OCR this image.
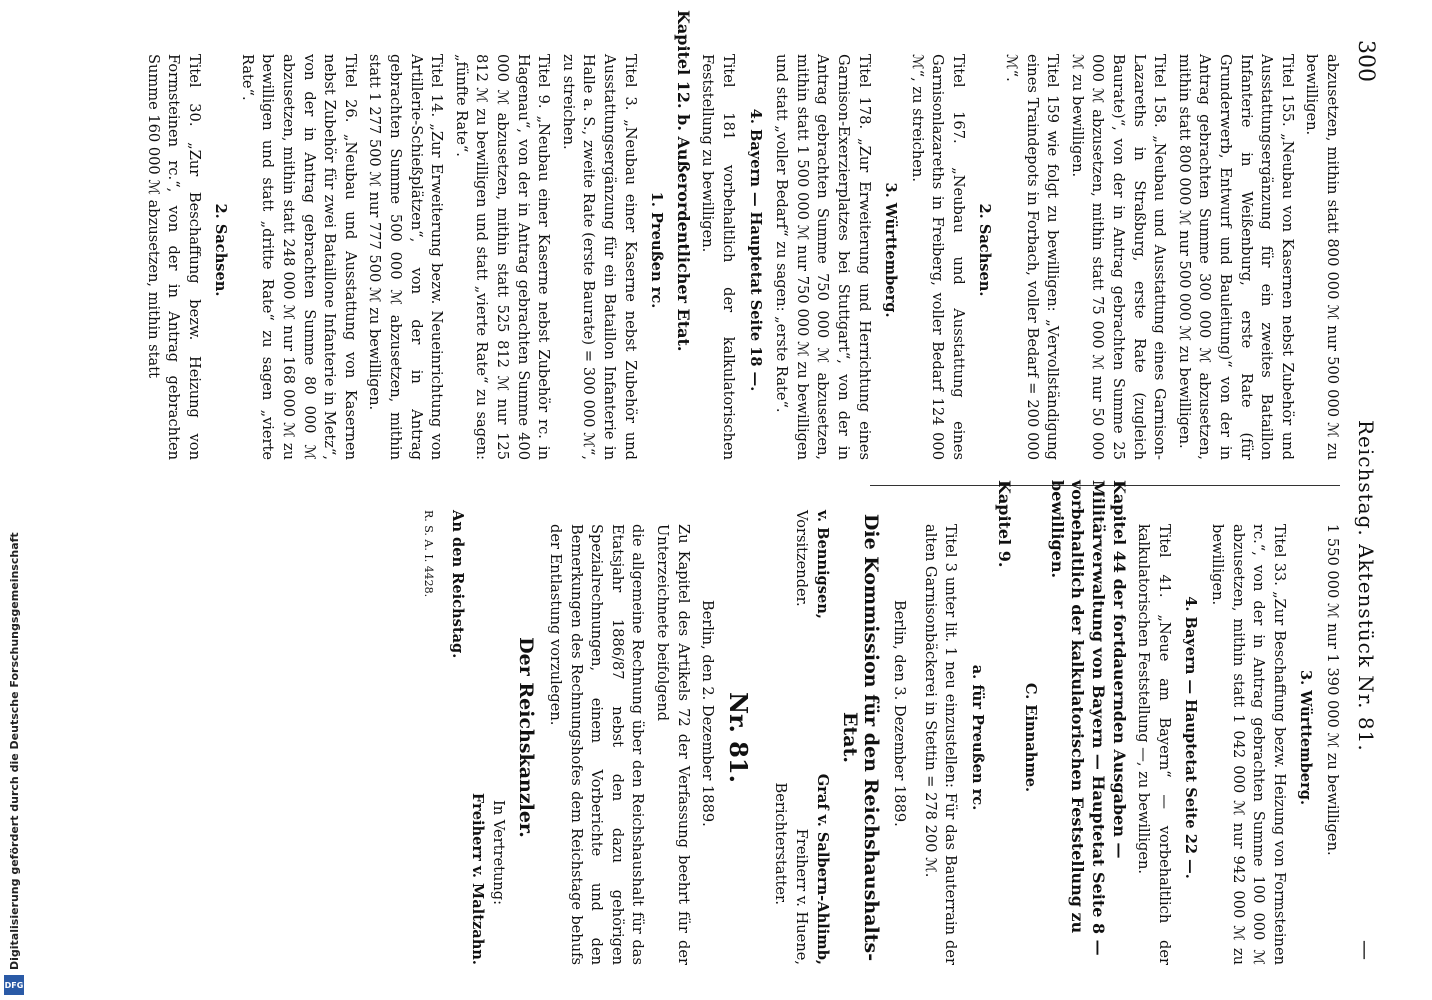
300
Reichstag. Aktenstück Nr. 81.
—
abzusetzen, mithin statt 800 000 ℳ nur 500 000 ℳ zu bewilligen.
Titel 155. „Neubau von Kasernen nebst Zubehör und Ausstattungsergänzung für ein zweites Bataillon Infanterie in Weißenburg, erste Rate (für Grunderwerb, Entwurf und Bauleitung)“ von der in Antrag gebrachten Summe 300 000 ℳ abzusetzen, mithin statt 800 000 ℳ nur 500 000 ℳ zu bewilligen.
Titel 158. „Neubau und Ausstattung eines Garnison-Lazareths in Straßburg, erste Rate (zugleich Baurate)“, von der in Antrag gebrachten Summe 25 000 ℳ abzusetzen, mithin statt 75 000 ℳ nur 50 000 ℳ zu bewilligen.
Titel 159 wie folgt zu bewilligen: „Vervollständigung eines Traindepots in Forbach, voller Bedarf = 200 000 ℳ“.
2. Sachsen.
Titel 167. „Neubau und Ausstattung eines Garnisonlazareths in Freiberg, voller Bedarf 124 000 ℳ“, zu streichen.
3. Württemberg.
Titel 178. „Zur Erweiterung und Herrichtung eines Garnison-Exerzierplatzes bei Stuttgart“, von der in Antrag gebrachten Summe 750 000 ℳ abzusetzen, mithin statt 1 500 000 ℳ nur 750 000 ℳ zu bewilligen und statt „voller Bedarf“ zu sagen: „erste Rate“.
4. Bayern — Hauptetat Seite 18 —.
Titel 181 vorbehaltlich der kalkulatorischen Feststellung zu bewilligen.
Kapitel 12. b. Außerordentlicher Etat.
1. Preußen rc.
Titel 3. „Neubau einer Kaserne nebst Zubehör und Ausstattungsergänzung für ein Bataillon Infanterie in Halle a. S., zweite Rate (erste Baurate) = 300 000 ℳ“, zu streichen.
Titel 9. „Neubau einer Kaserne nebst Zubehör rc. in Hagenau“, von der in Antrag gebrachten Summe 400 000 ℳ abzusetzen, mithin statt 525 812 ℳ nur 125 812 ℳ zu bewilligen und statt „vierte Rate“ zu sagen: „fünfte Rate“.
Titel 14. „Zur Erweiterung bezw. Neueinrichtung von Artillerie-Schießplätzen“, von der in Antrag gebrachten Summe 500 000 ℳ abzusetzen, mithin statt 1 277 500 ℳ nur 777 500 ℳ zu bewilligen.
Titel 26. „Neubau und Ausstattung von Kasernen nebst Zubehör für zwei Bataillone Infanterie in Metz“, von der in Antrag gebrachten Summe 80 000 ℳ abzusetzen, mithin statt 248 000 ℳ nur 168 000 ℳ zu bewilligen und statt „dritte Rate“ zu sagen „vierte Rate“.
2. Sachsen.
Titel 30. „Zur Beschaffung bezw. Heizung von Formsteinen rc.“, von der in Antrag gebrachten Summe 160 000 ℳ abzusetzen, mithin statt
1 550 000 ℳ nur 1 390 000 ℳ zu bewilligen.
3. Württemberg.
Titel 33. „Zur Beschaffung bezw. Heizung von Formsteinen rc.“, von der in Antrag gebrachten Summe 100 000 ℳ abzusetzen, mithin statt 1 042 000 ℳ nur 942 000 ℳ zu bewilligen.
4. Bayern — Hauptetat Seite 22 —.
Titel 41. „Neue am Bayern“ — vorbehaltlich der kalkulatorischen Feststellung —, zu bewilligen.
Kapitel 44 der fortdauernden Ausgaben — Militärverwaltung von Bayern — Hauptetat Seite 8 — vorbehaltlich der kalkulatorischen Feststellung zu bewilligen.
C. Einnahme.
Kapitel 9.
a. für Preußen rc.
Titel 3 unter lit. 1 neu einzustellen: Für das Bauterrain der alten Garnisonbäckerei in Stettin = 278 200 ℳ.
Berlin, den 3. Dezember 1889.
Die Kommission für den Reichshaushalts-Etat.
v. Bennigsen,
Graf v. Salbern-Ahlimb,
Vorsitzender.
Freiherr v. Huene,
Berichterstatter.
Nr. 81.
Berlin, den 2. Dezember 1889.
Zu Kapitel des Artikels 72 der Verfassung beehrt für der Unterzeichnete beifolgend
die allgemeine Rechnung über den Reichshaushalt für das Etatsjahr 1886/87 nebst den dazu gehörigen Spezialrechnungen, einem Vorberichte und den Bemerkungen des Rechnungshofes dem Reichstage behufs der Entlastung vorzulegen.
Der Reichskanzler.
In Vertretung:
Freiherr v. Maltzahn.
An den Reichstag.
R. S. A. I. 4428.
Digitalisierung gefördert durch die Deutsche Forschungsgemeinschaft
DFG
